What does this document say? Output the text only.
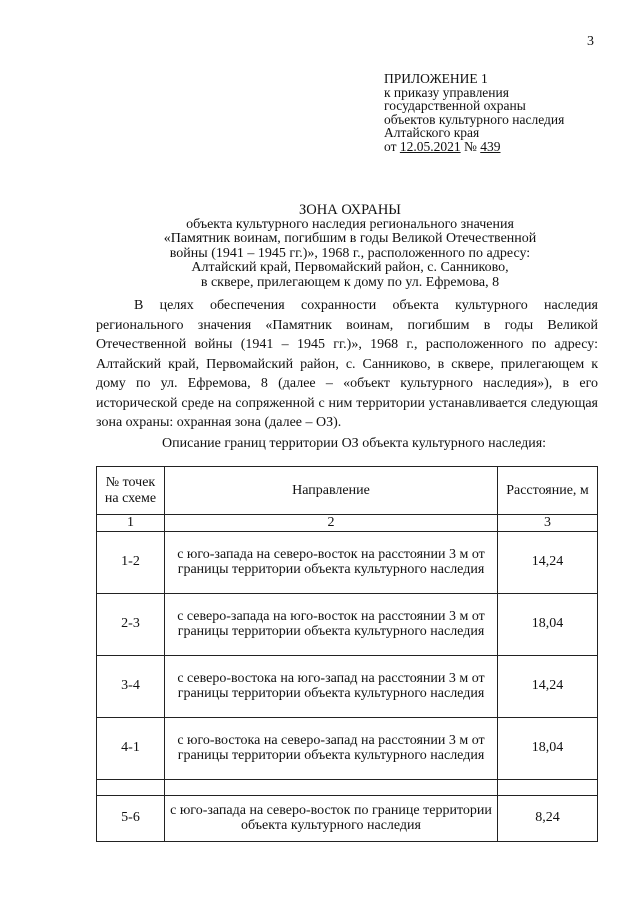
3
ПРИЛОЖЕНИЕ 1
к приказу управления
государственной охраны
объектов культурного наследия
Алтайского края
от 12.05.2021 № 439
ЗОНА ОХРАНЫ
объекта культурного наследия регионального значения
«Памятник воинам, погибшим в годы Великой Отечественной
войны (1941 – 1945 гг.)», 1968 г., расположенного по адресу:
Алтайский край, Первомайский район, с. Санниково,
в сквере, прилегающем к дому по ул. Ефремова, 8

В целях обеспечения сохранности объекта культурного наследия регионального значения «Памятник воинам, погибшим в годы Великой Отечественной войны (1941 – 1945 гг.)», 1968 г., расположенного по адресу: Алтайский край, Первомайский район, с. Санниково, в сквере, прилегающем к дому по ул. Ефремова, 8 (далее – «объект культурного наследия»), в его исторической среде на сопряженной с ним территории устанавливается следующая зона охраны: охранная зона (далее – ОЗ).

Описание границ территории ОЗ объекта культурного наследия:
№ точек на схеме	Направление	Расстояние, м
1	2	3
1-2	с юго-запада на северо-восток на расстоянии 3 м от границы территории объекта культурного наследия	14,24
2-3	с северо-запада на юго-восток на расстоянии 3 м от границы территории объекта культурного наследия	18,04
3-4	с северо-востока на юго-запад на расстоянии 3 м от границы территории объекта культурного наследия	14,24
4-1	с юго-востока на северо-запад на расстоянии 3 м от границы территории объекта культурного наследия	18,04

5-6	с юго-запада на северо-восток по границе территории объекта культурного наследия	8,24
